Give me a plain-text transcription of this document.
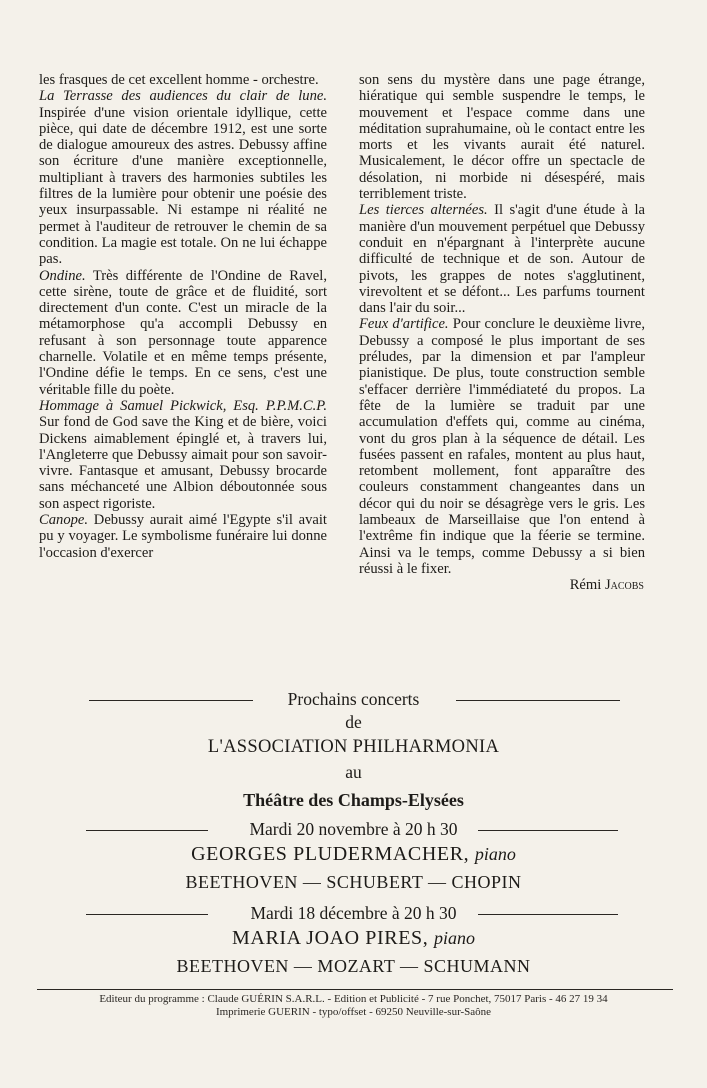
les frasques de cet excellent homme - orchestre.

La Terrasse des audiences du clair de lune. Inspirée d'une vision orientale idyllique, cette pièce, qui date de décembre 1912, est une sorte de dialogue amoureux des astres. Debussy affine son écriture d'une manière exceptionnelle, multipliant à travers des harmonies subtiles les filtres de la lumière pour obtenir une poésie des yeux insurpassable. Ni estampe ni réalité ne permet à l'auditeur de retrouver le chemin de sa condition. La magie est totale. On ne lui échappe pas.

Ondine. Très différente de l'Ondine de Ravel, cette sirène, toute de grâce et de fluidité, sort directement d'un conte. C'est un miracle de la métamorphose qu'a accompli Debussy en refusant à son personnage toute apparence charnelle. Volatile et en même temps présente, l'Ondine défie le temps. En ce sens, c'est une véritable fille du poète.

Hommage à Samuel Pickwick, Esq. P.P.M.C.P. Sur fond de God save the King et de bière, voici Dickens aimablement épinglé et, à travers lui, l'Angleterre que Debussy aimait pour son savoir-vivre. Fantasque et amusant, Debussy brocarde sans méchanceté une Albion déboutonnée sous son aspect rigoriste.

Canope. Debussy aurait aimé l'Egypte s'il avait pu y voyager. Le symbolisme funéraire lui donne l'occasion d'exercer

son sens du mystère dans une page étrange, hiératique qui semble suspendre le temps, le mouvement et l'espace comme dans une méditation suprahumaine, où le contact entre les morts et les vivants aurait été naturel. Musicalement, le décor offre un spectacle de désolation, ni morbide ni désespéré, mais terriblement triste.

Les tierces alternées. Il s'agit d'une étude à la manière d'un mouvement perpétuel que Debussy conduit en n'épargnant à l'interprète aucune difficulté de technique et de son. Autour de pivots, les grappes de notes s'agglutinent, virevoltent et se défont... Les parfums tournent dans l'air du soir...

Feux d'artifice. Pour conclure le deuxième livre, Debussy a composé le plus important de ses préludes, par la dimension et par l'ampleur pianistique. De plus, toute construction semble s'effacer derrière l'immédiateté du propos. La fête de la lumière se traduit par une accumulation d'effets qui, comme au cinéma, vont du gros plan à la séquence de détail. Les fusées passent en rafales, montent au plus haut, retombent mollement, font apparaître des couleurs constamment changeantes dans un décor qui du noir se désagrège vers le gris. Les lambeaux de Marseillaise que l'on entend à l'extrême fin indique que la féerie se termine. Ainsi va le temps, comme Debussy a si bien réussi à le fixer.

Rémi Jacobs

Prochains concerts
de
L'ASSOCIATION PHILHARMONIA
au
Théâtre des Champs-Elysées
Mardi 20 novembre à 20 h 30
GEORGES PLUDERMACHER, piano
BEETHOVEN — SCHUBERT — CHOPIN
Mardi 18 décembre à 20 h 30
MARIA JOAO PIRES, piano
BEETHOVEN — MOZART — SCHUMANN
Editeur du programme : Claude GUÉRIN S.A.R.L. - Edition et Publicité - 7 rue Ponchet, 75017 Paris - 46 27 19 34
Imprimerie GUERIN - typo/offset - 69250 Neuville-sur-Saône
